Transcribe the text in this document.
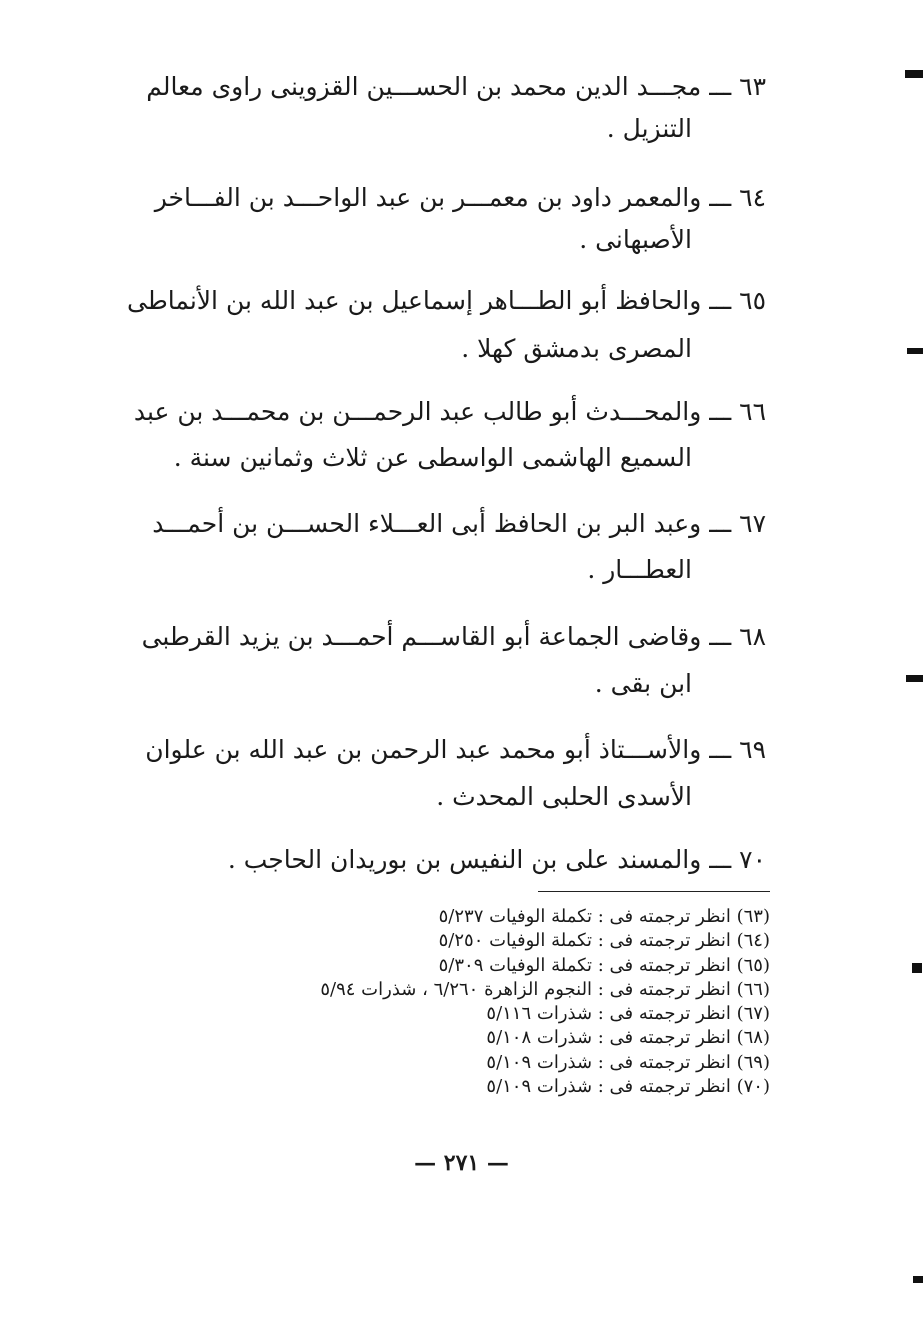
٦٣ ـــ مجـــد الدين محمد بن الحســـين القزوينى راوى معالم
التنزيل .
٦٤ ـــ والمعمر داود بن معمـــر بن عبد الواحـــد بن الفـــاخر
الأصبهانى .
٦٥ ـــ والحافظ أبو الطـــاهر إسماعيل بن عبد الله بن الأنماطى
المصرى بدمشق كهلا .
٦٦ ـــ والمحـــدث أبو طالب عبد الرحمـــن بن محمـــد بن عبد
السميع الهاشمى الواسطى عن ثلاث وثمانين سنة .
٦٧ ـــ وعبد البر بن الحافظ أبى العـــلاء الحســـن بن أحمـــد
العطـــار .
٦٨ ـــ وقاضى الجماعة أبو القاســـم أحمـــد بن يزيد القرطبى
ابن بقى .
٦٩ ـــ والأســـتاذ أبو محمد عبد الرحمن بن عبد الله بن علوان
الأسدى الحلبى المحدث .
٧٠ ـــ والمسند على بن النفيس بن بوريدان الحاجب .
(٦٣) انظر ترجمته فى : تكملة الوفيات ٥/٢٣٧
(٦٤) انظر ترجمته فى : تكملة الوفيات ٥/٢٥٠
(٦٥) انظر ترجمته فى : تكملة الوفيات ٥/٣٠٩
(٦٦) انظر ترجمته فى : النجوم الزاهرة ٦/٢٦٠ ، شذرات ٥/٩٤
(٦٧) انظر ترجمته فى : شذرات ٥/١١٦
(٦٨) انظر ترجمته فى : شذرات ٥/١٠٨
(٦٩) انظر ترجمته فى : شذرات ٥/١٠٩
(٧٠) انظر ترجمته فى : شذرات ٥/١٠٩
— ٢٧١ —
